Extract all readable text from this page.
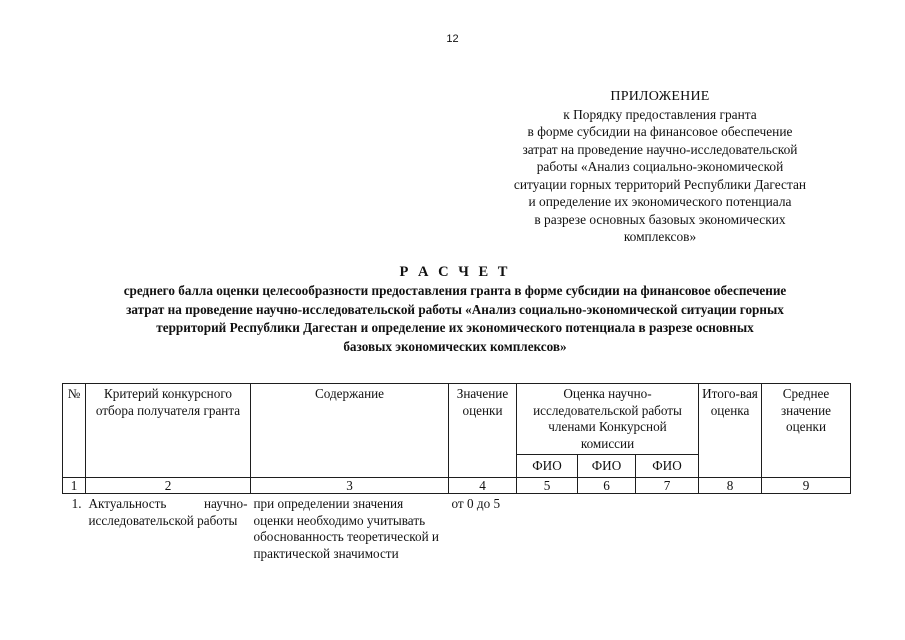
12
ПРИЛОЖЕНИЕ
к Порядку предоставления гранта
в форме субсидии на финансовое обеспечение
затрат на проведение научно-исследовательской
работы «Анализ социально-экономической
ситуации горных территорий Республики Дагестан
и определение их экономического потенциала
в разрезе основных базовых экономических
комплексов»
Р А С Ч Е Т
среднего балла оценки целесообразности предоставления гранта в форме субсидии на финансовое обеспечение
затрат на проведение научно-исследовательской работы «Анализ социально-экономической ситуации горных
территорий Республики Дагестан и определение их экономического потенциала в разрезе основных
базовых экономических комплексов»
№	Критерий конкурсного отбора получателя гранта	Содержание	Значение оценки	Оценка научно-исследовательской работы членами Конкурсной комиссии			Итого-вая оценка	Среднее значение оценки
				ФИО	ФИО	ФИО		
1	2	3	4	5	6	7	8	9
1.	Актуальность научно-исследовательской работы	при определении значения оценки необходимо учитывать обоснованность теоретической и практической значимости	от 0 до 5					
